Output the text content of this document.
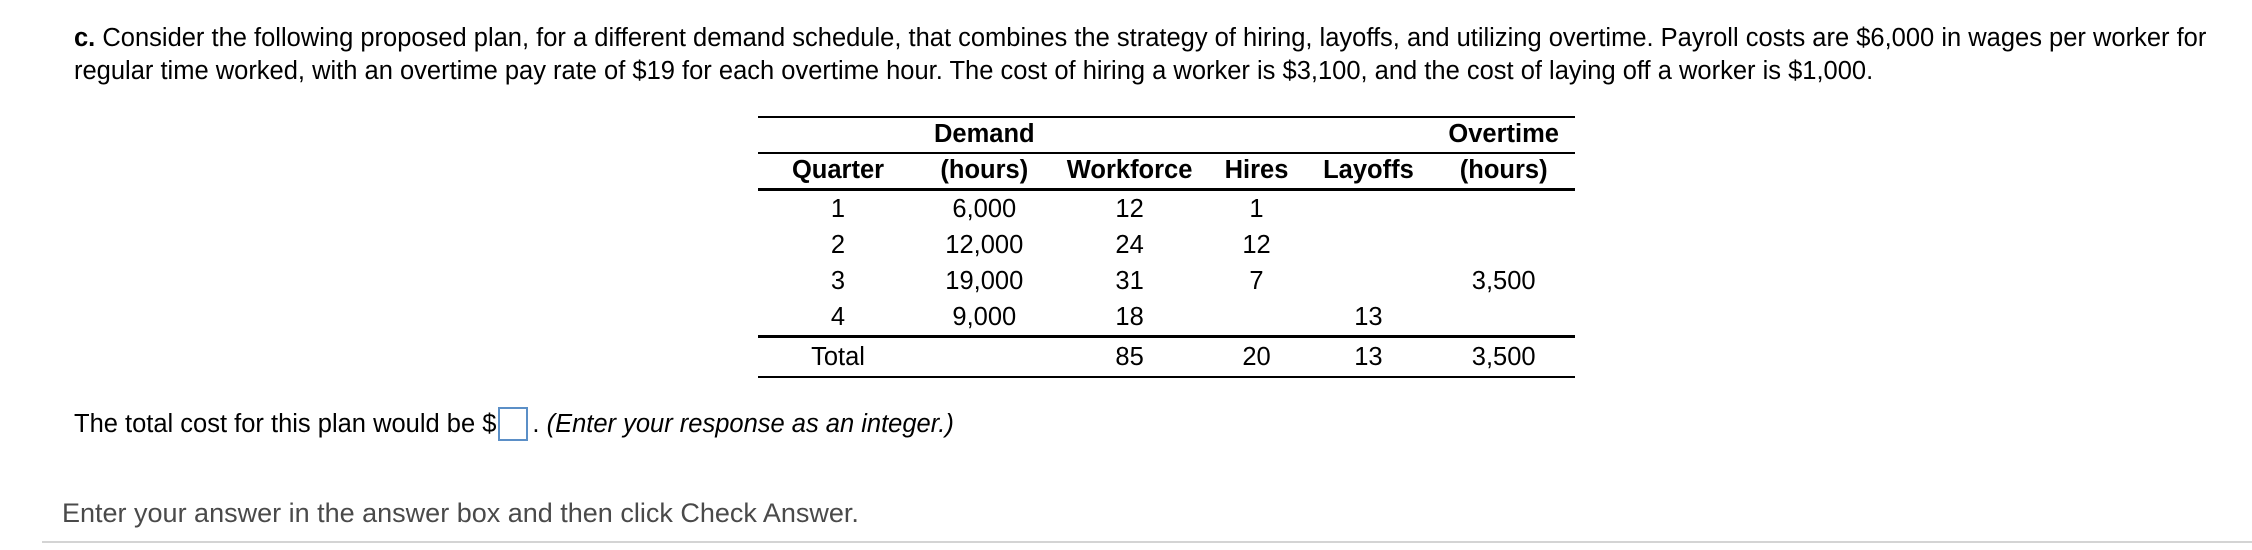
c. Consider the following proposed plan, for a different demand schedule, that combines the strategy of hiring, layoffs, and utilizing overtime. Payroll costs are $6,000 in wages per worker for regular time worked, with an overtime pay rate of $19 for each overtime hour. The cost of hiring a worker is $3,100, and the cost of laying off a worker is $1,000.

	Demand				Overtime
Quarter	(hours)	Workforce	Hires	Layoffs	(hours)
1	6,000	12	1		
2	12,000	24	12		
3	19,000	31	7		3,500
4	9,000	18		13	
Total		85	20	13	3,500
The total cost for this plan would be $ . (Enter your response as an integer.)
Enter your answer in the answer box and then click Check Answer.
